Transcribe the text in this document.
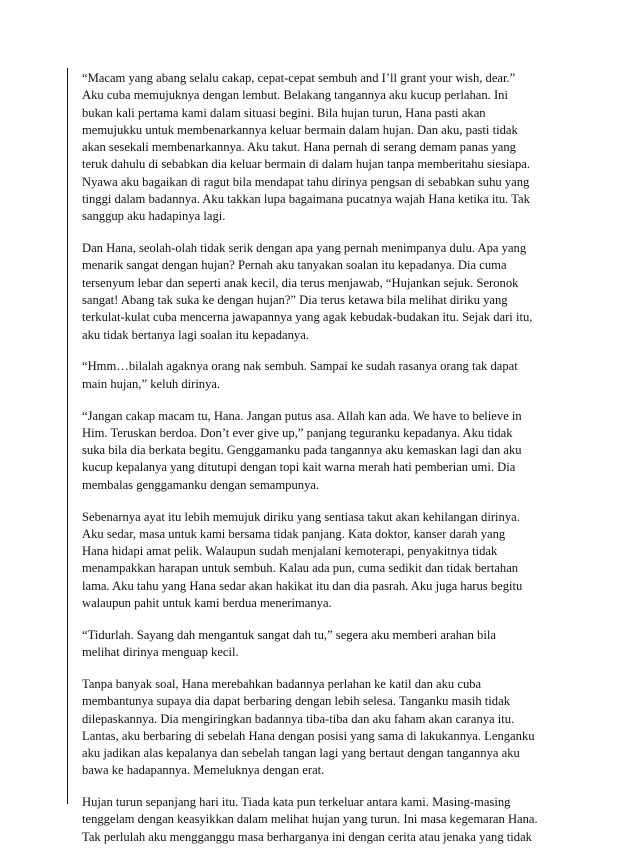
“Macam yang abang selalu cakap, cepat-cepat sembuh and I’ll grant your wish, dear.”
Aku cuba memujuknya dengan lembut. Belakang tangannya aku kucup perlahan. Ini
bukan kali pertama kami dalam situasi begini. Bila hujan turun, Hana pasti akan
memujukku untuk membenarkannya keluar bermain dalam hujan. Dan aku, pasti tidak
akan sesekali membenarkannya. Aku takut. Hana pernah di serang demam panas yang
teruk dahulu di sebabkan dia keluar bermain di dalam hujan tanpa memberitahu siesiapa.
Nyawa aku bagaikan di ragut bila mendapat tahu dirinya pengsan di sebabkan suhu yang
tinggi dalam badannya. Aku takkan lupa bagaimana pucatnya wajah Hana ketika itu. Tak
sanggup aku hadapinya lagi.

Dan Hana, seolah-olah tidak serik dengan apa yang pernah menimpanya dulu. Apa yang
menarik sangat dengan hujan? Pernah aku tanyakan soalan itu kepadanya. Dia cuma
tersenyum lebar dan seperti anak kecil, dia terus menjawab, “Hujankan sejuk. Seronok
sangat! Abang tak suka ke dengan hujan?” Dia terus ketawa bila melihat diriku yang
terkulat-kulat cuba mencerna jawapannya yang agak kebudak-budakan itu. Sejak dari itu,
aku tidak bertanya lagi soalan itu kepadanya.

“Hmm…bilalah agaknya orang nak sembuh. Sampai ke sudah rasanya orang tak dapat
main hujan,” keluh dirinya.

“Jangan cakap macam tu, Hana. Jangan putus asa. Allah kan ada. We have to believe in
Him. Teruskan berdoa. Don’t ever give up,” panjang teguranku kepadanya. Aku tidak
suka bila dia berkata begitu. Genggamanku pada tangannya aku kemaskan lagi dan aku
kucup kepalanya yang ditutupi dengan topi kait warna merah hati pemberian umi. Dia
membalas genggamanku dengan semampunya.

Sebenarnya ayat itu lebih memujuk diriku yang sentiasa takut akan kehilangan dirinya.
Aku sedar, masa untuk kami bersama tidak panjang. Kata doktor, kanser darah yang
Hana hidapi amat pelik. Walaupun sudah menjalani kemoterapi, penyakitnya tidak
menampakkan harapan untuk sembuh. Kalau ada pun, cuma sedikit dan tidak bertahan
lama. Aku tahu yang Hana sedar akan hakikat itu dan dia pasrah. Aku juga harus begitu
walaupun pahit untuk kami berdua menerimanya.

“Tidurlah. Sayang dah mengantuk sangat dah tu,” segera aku memberi arahan bila
melihat dirinya menguap kecil.

Tanpa banyak soal, Hana merebahkan badannya perlahan ke katil dan aku cuba
membantunya supaya dia dapat berbaring dengan lebih selesa. Tanganku masih tidak
dilepaskannya. Dia mengiringkan badannya tiba-tiba dan aku faham akan caranya itu.
Lantas, aku berbaring di sebelah Hana dengan posisi yang sama di lakukannya. Lenganku
aku jadikan alas kepalanya dan sebelah tangan lagi yang bertaut dengan tangannya aku
bawa ke hadapannya. Memeluknya dengan erat.

Hujan turun sepanjang hari itu. Tiada kata pun terkeluar antara kami. Masing-masing
tenggelam dengan keasyikkan dalam melihat hujan yang turun. Ini masa kegemaran Hana.
Tak perlulah aku mengganggu masa berharganya ini dengan cerita atau jenaka yang tidak
